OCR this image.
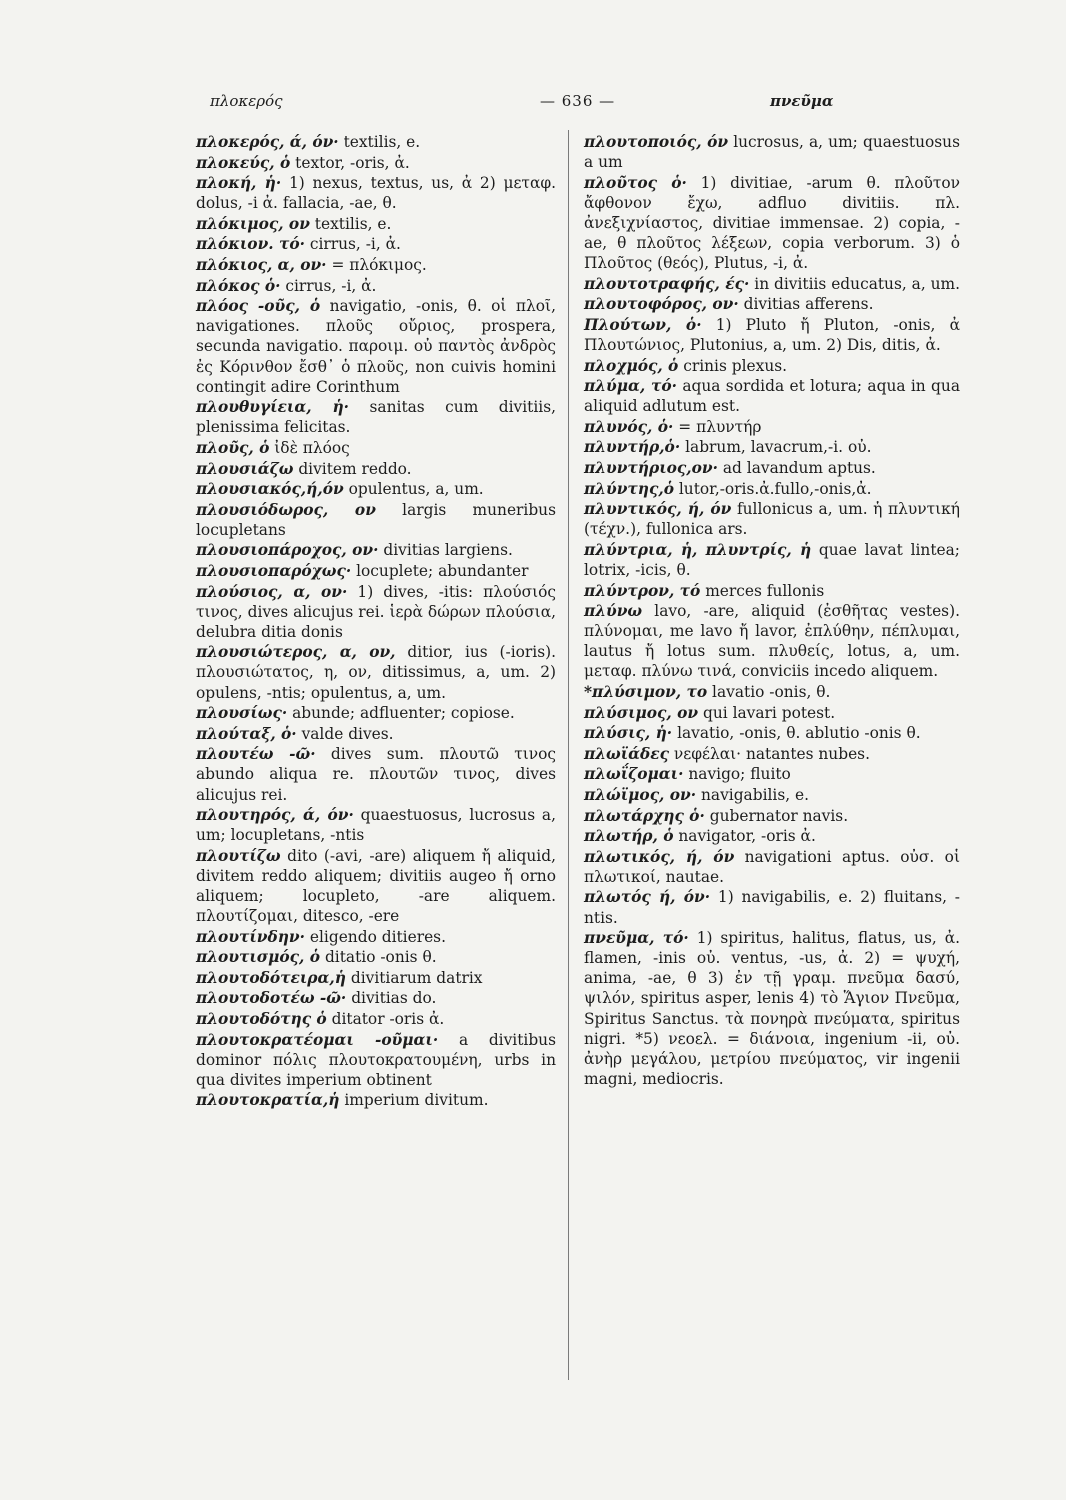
πλοκερός	— 636 —	πνεῦμα

πλοκερός, ά, όν· textilis, e.

πλοκεύς, ὁ textor, -oris, ἀ.

πλοκή, ἡ· 1) nexus, textus, us, ἀ 2) μεταφ. dolus, -i ἀ. fallacia, -ae, θ.

πλόκιμος, ον textilis, e.

πλόκιον. τό· cirrus, -i, ἀ.

πλόκιος, α, ον· = πλόκιμος.

πλόκος ὁ· cirrus, -i, ἀ.

πλόος -οῦς, ὁ navigatio, -onis, θ. οἱ πλοῖ, navigationes. πλοῦς οὔριος, prospera, secunda navigatio. παροιμ. οὐ παντὸς ἀνδρὸς ἐς Κόρινθον ἔσθ᾽ ὁ πλοῦς, non cuivis homini contingit adire Corinthum

πλουθυγίεια, ἡ· sanitas cum divitiis, plenissima felicitas.

πλοῦς, ὁ ἰδὲ πλόος

πλουσιάζω divitem reddo.

πλουσιακός,ή,όν opulentus, a, um.

πλουσιόδωρος, ον largis muneribus locupletans

πλουσιοπάροχος, ον· divitias largiens.

πλουσιοπαρόχως· locuplete; abundanter

πλούσιος, α, ον· 1) dives, -itis: πλούσιός τινος, dives alicujus rei. ἱερὰ δώρων πλούσια, delubra ditia donis

πλουσιώτερος, α, ον, ditior, ius (-ioris). πλουσιώτατος, η, ον, ditissimus, a, um. 2) opulens, -ntis; opulentus, a, um.

πλουσίως· abunde; adfluenter; copiose.

πλούταξ, ὁ· valde dives.

πλουτέω -ῶ· dives sum. πλουτῶ τινος abundo aliqua re. πλουτῶν τινος, dives alicujus rei.

πλουτηρός, ά, όν· quaestuosus, lucrosus a, um; locupletans, -ntis

πλουτίζω dito (-avi, -are) aliquem ἤ aliquid, divitem reddo aliquem; divitiis augeo ἤ orno aliquem; locupleto, -are aliquem. πλουτίζομαι, ditesco, -ere

πλουτίνδην· eligendo ditieres.

πλουτισμός, ὁ ditatio -onis θ.

πλουτοδότειρα,ἡ divitiarum datrix

πλουτοδοτέω -ῶ· divitias do.

πλουτοδότης ὁ ditator -oris ἀ.

πλουτοκρατέομαι -οῦμαι· a divitibus dominor πόλις πλουτοκρατουμένη, urbs in qua divites imperium obtinent

πλουτοκρατία,ἡ imperium divitum.

πλουτοποιός, όν lucrosus, a, um; quaestuosus a um

πλοῦτος ὁ· 1) divitiae, -arum θ. πλοῦτον ἄφθονον ἔχω, adfluo divitiis. πλ. ἀνεξιχνίαστος, divitiae immensae. 2) copia, -ae, θ πλοῦτος λέξεων, copia verborum. 3) ὁ Πλοῦτος (θεός), Plutus, -i, ἀ.

πλουτοτραφής, ές· in divitiis educatus, a, um.

πλουτοφόρος, ον· divitias afferens.

Πλούτων, ὁ· 1) Pluto ἤ Pluton, -onis, ἀ Πλουτώνιος, Plutonius, a, um. 2) Dis, ditis, ἀ.

πλοχμός, ὁ crinis plexus.

πλύμα, τό· aqua sordida et lotura; aqua in qua aliquid adlutum est.

πλυνός, ὁ· = πλυντήρ

πλυντήρ,ὁ· labrum, lavacrum,-i. οὐ.

πλυντήριος,ον· ad lavandum aptus.

πλύντης,ὁ lutor,-oris.ἀ.fullo,-onis,ἀ.

πλυντικός, ή, όν fullonicus a, um. ἡ πλυντική (τέχν.), fullonica ars.

πλύντρια, ἡ, πλυντρίς, ἡ quae lavat lintea; lotrix, -icis, θ.

πλύντρον, τό merces fullonis

πλύνω lavo, -are, aliquid (ἐσθῆτας vestes). πλύνομαι, me lavo ἤ lavor, ἐπλύθην, πέπλυμαι, lautus ἤ lotus sum. πλυθείς, lotus, a, um. μεταφ. πλύνω τινά, conviciis incedo aliquem.

*πλύσιμον, το lavatio -onis, θ.

πλύσιμος, ον qui lavari potest.

πλύσις, ἡ· lavatio, -onis, θ. ablutio -onis θ.

πλωϊάδες νεφέλαι· natantes nubes.

πλωΐζομαι· navigo; fluito

πλώϊμος, ον· navigabilis, e.

πλωτάρχης ὁ· gubernator navis.

πλωτήρ, ὁ navigator, -oris ἀ.

πλωτικός, ή, όν navigationi aptus. οὐσ. οἱ πλωτικοί, nautae.

πλωτός ή, όν· 1) navigabilis, e. 2) fluitans, -ntis.

πνεῦμα, τό· 1) spiritus, halitus, flatus, us, ἀ. flamen, -inis οὐ. ventus, -us, ἀ. 2) = ψυχή, anima, -ae, θ 3) ἐν τῇ γραμ. πνεῦμα δασύ, ψιλόν, spiritus asper, lenis 4) τὸ Ἅγιον Πνεῦμα, Spiritus Sanctus. τὰ πονηρὰ πνεύματα, spiritus nigri. *5) νεοελ. = διάνοια, ingenium -ii, οὐ. ἀνὴρ μεγάλου, μετρίου πνεύματος, vir ingenii magni, mediocris.
